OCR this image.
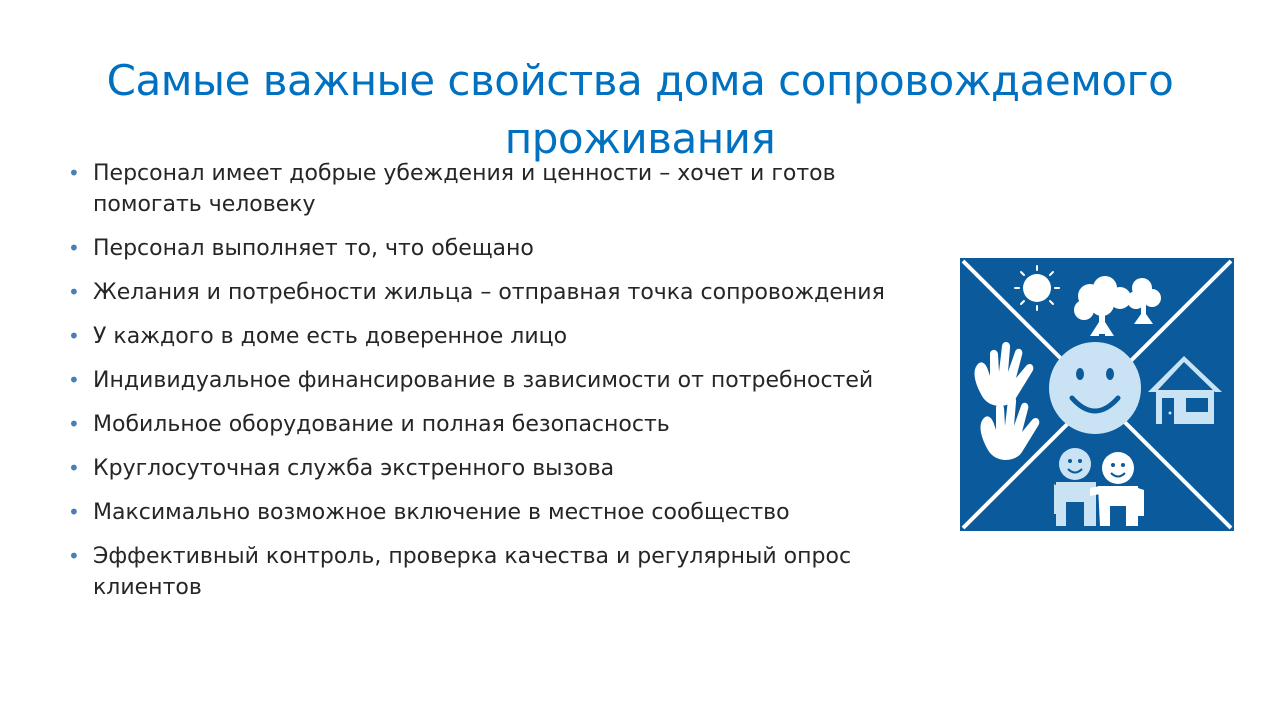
Самые важные свойства дома сопровождаемого проживания
• Персонал имеет добрые убеждения и ценности – хочет и готов помогать человеку
• Персонал выполняет то, что обещано
• Желания и потребности жильца – отправная точка сопровождения
• У каждого в доме есть доверенное лицо
• Индивидуальное финансирование в зависимости от потребностей
• Мобильное оборудование и полная безопасность
• Круглосуточная служба экстренного вызова
• Максимально возможное включение в местное сообщество
• Эффективный контроль, проверка качества и регулярный опрос клиентов
